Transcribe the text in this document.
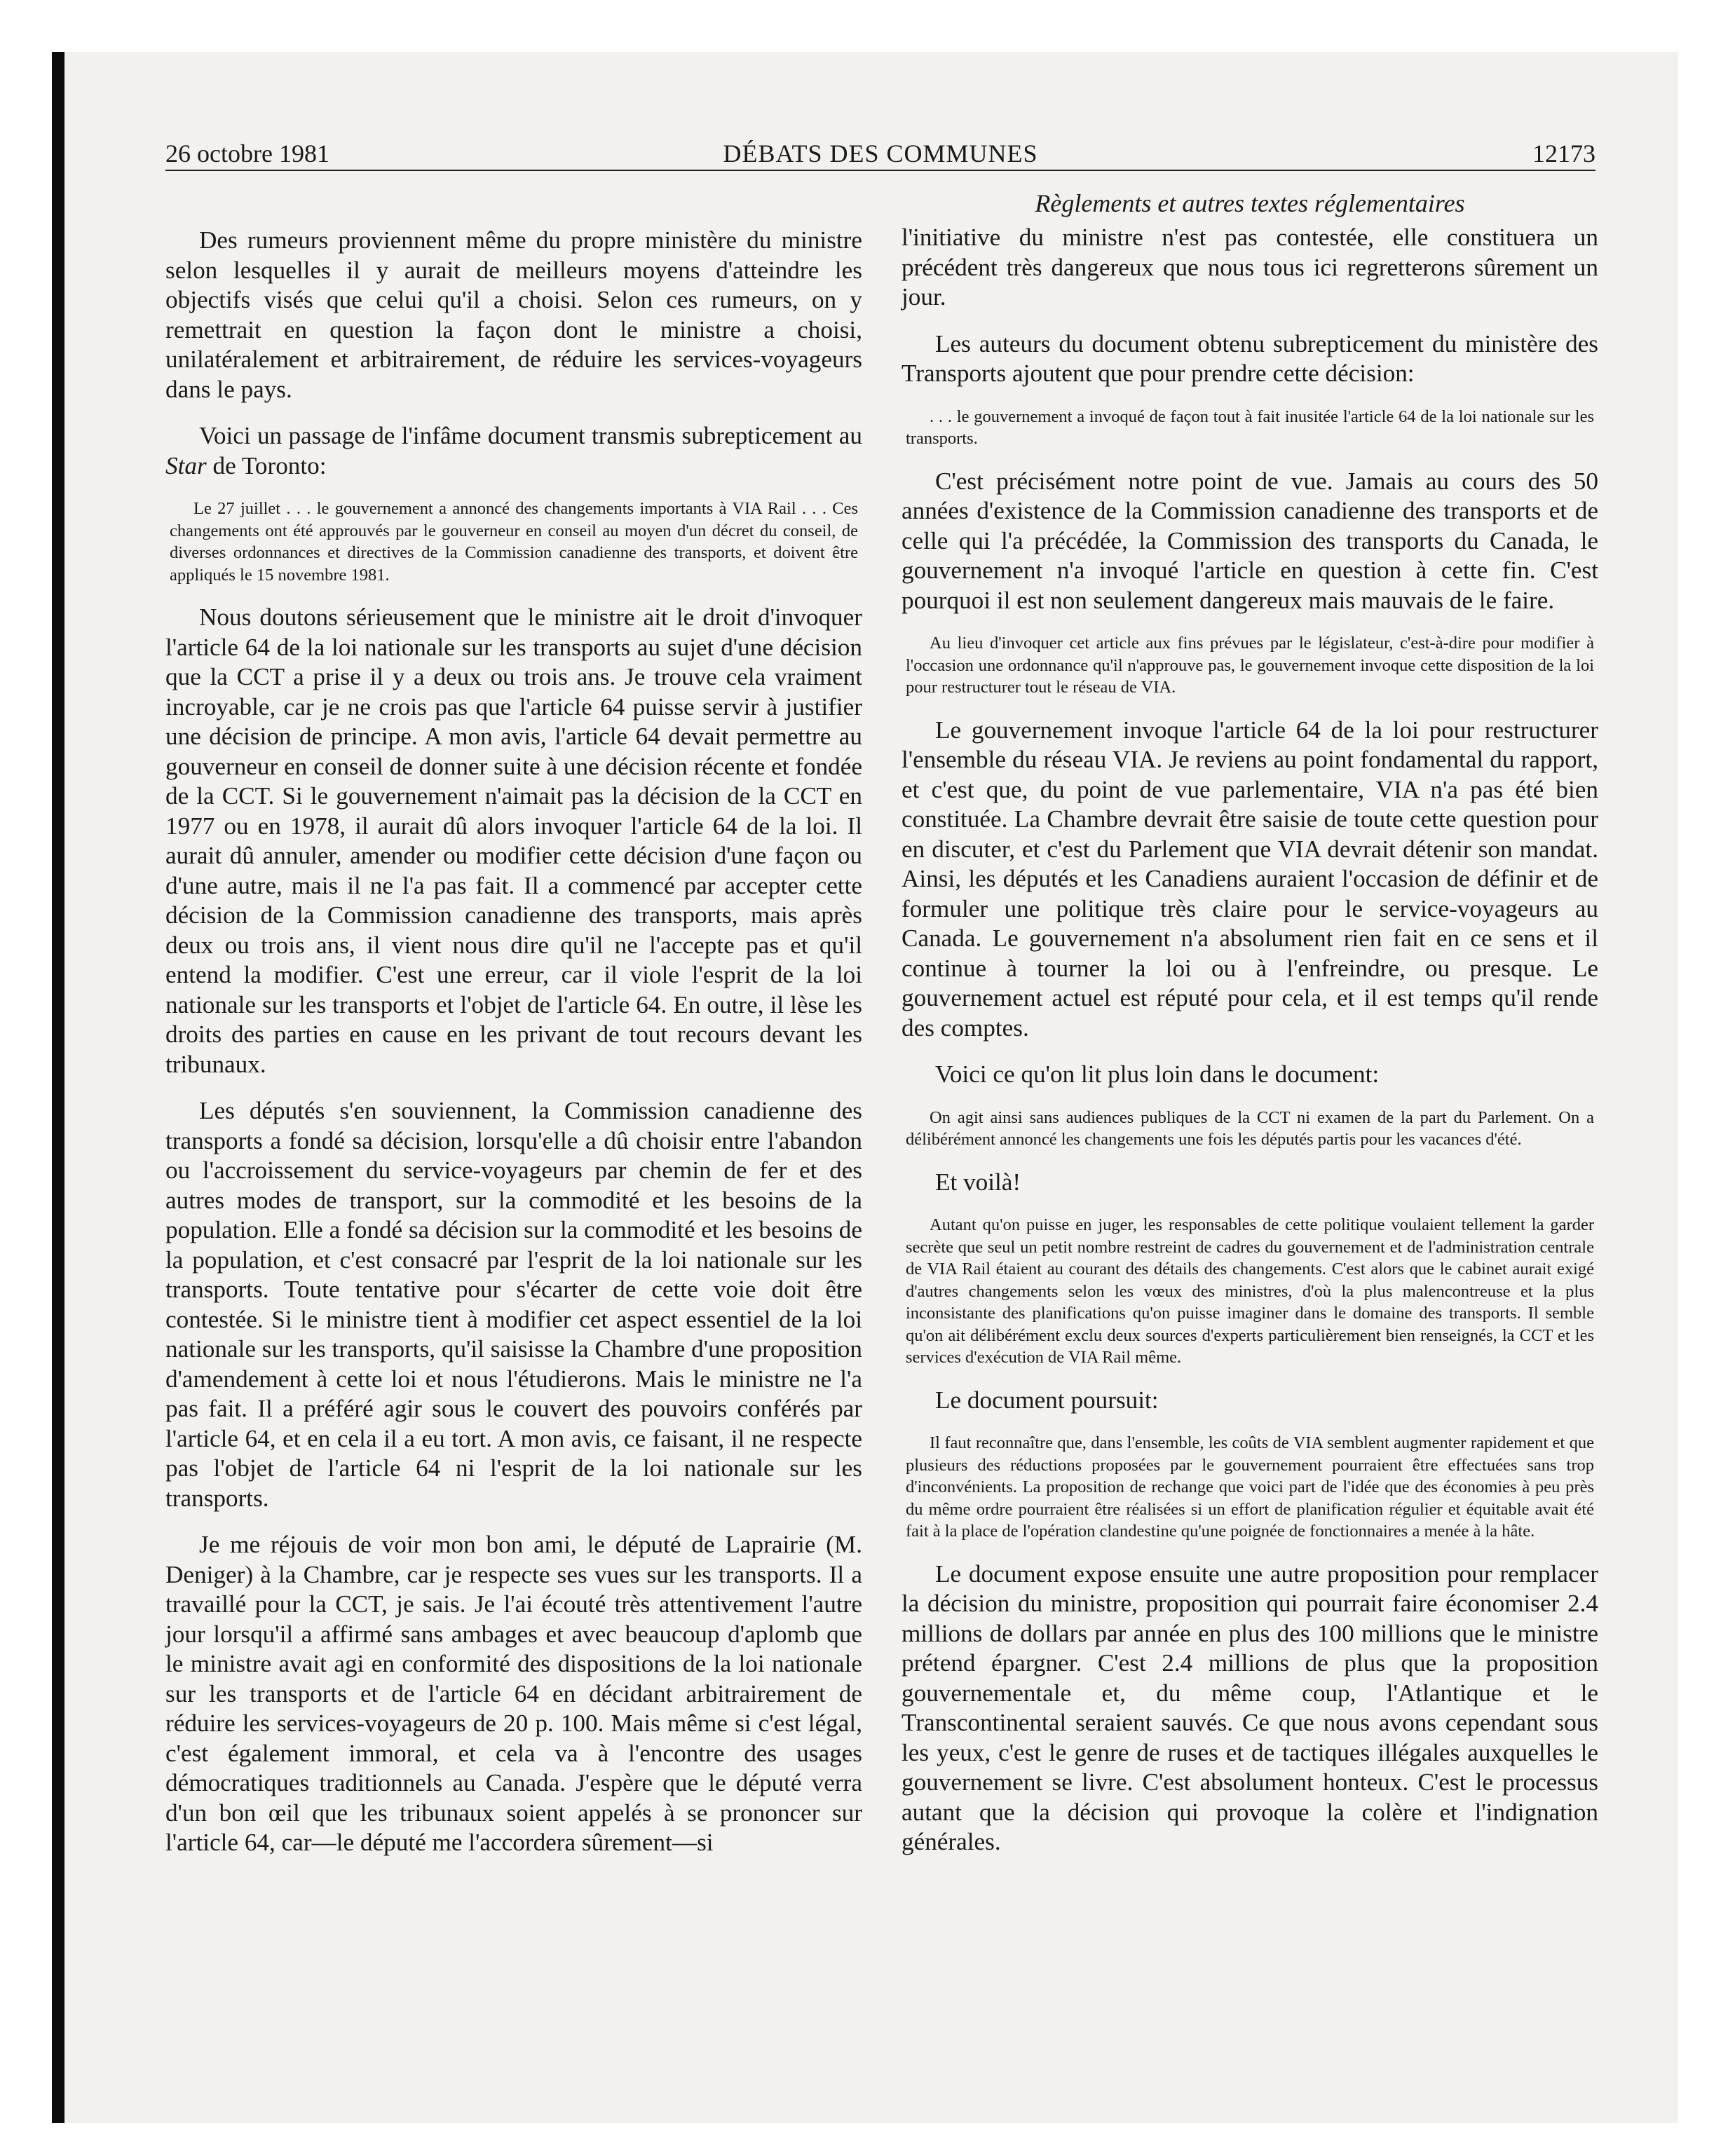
26 octobre 1981	DÉBATS DES COMMUNES	12173

Des rumeurs proviennent même du propre ministère du ministre selon lesquelles il y aurait de meilleurs moyens d'atteindre les objectifs visés que celui qu'il a choisi. Selon ces rumeurs, on y remettrait en question la façon dont le ministre a choisi, unilatéralement et arbitrairement, de réduire les services-voyageurs dans le pays.

Voici un passage de l'infâme document transmis subrepticement au Star de Toronto:

Le 27 juillet . . . le gouvernement a annoncé des changements importants à VIA Rail . . . Ces changements ont été approuvés par le gouverneur en conseil au moyen d'un décret du conseil, de diverses ordonnances et directives de la Commission canadienne des transports, et doivent être appliqués le 15 novembre 1981.

Nous doutons sérieusement que le ministre ait le droit d'invoquer l'article 64 de la loi nationale sur les transports au sujet d'une décision que la CCT a prise il y a deux ou trois ans. Je trouve cela vraiment incroyable, car je ne crois pas que l'article 64 puisse servir à justifier une décision de principe. A mon avis, l'article 64 devait permettre au gouverneur en conseil de donner suite à une décision récente et fondée de la CCT. Si le gouvernement n'aimait pas la décision de la CCT en 1977 ou en 1978, il aurait dû alors invoquer l'article 64 de la loi. Il aurait dû annuler, amender ou modifier cette décision d'une façon ou d'une autre, mais il ne l'a pas fait. Il a commencé par accepter cette décision de la Commission canadienne des transports, mais après deux ou trois ans, il vient nous dire qu'il ne l'accepte pas et qu'il entend la modifier. C'est une erreur, car il viole l'esprit de la loi nationale sur les transports et l'objet de l'article 64. En outre, il lèse les droits des parties en cause en les privant de tout recours devant les tribunaux.

Les députés s'en souviennent, la Commission canadienne des transports a fondé sa décision, lorsqu'elle a dû choisir entre l'abandon ou l'accroissement du service-voyageurs par chemin de fer et des autres modes de transport, sur la commodité et les besoins de la population. Elle a fondé sa décision sur la commodité et les besoins de la population, et c'est consacré par l'esprit de la loi nationale sur les transports. Toute tentative pour s'écarter de cette voie doit être contestée. Si le ministre tient à modifier cet aspect essentiel de la loi nationale sur les transports, qu'il saisisse la Chambre d'une proposition d'amendement à cette loi et nous l'étudierons. Mais le ministre ne l'a pas fait. Il a préféré agir sous le couvert des pouvoirs conférés par l'article 64, et en cela il a eu tort. A mon avis, ce faisant, il ne respecte pas l'objet de l'article 64 ni l'esprit de la loi nationale sur les transports.

Je me réjouis de voir mon bon ami, le député de Laprairie (M. Deniger) à la Chambre, car je respecte ses vues sur les transports. Il a travaillé pour la CCT, je sais. Je l'ai écouté très attentivement l'autre jour lorsqu'il a affirmé sans ambages et avec beaucoup d'aplomb que le ministre avait agi en conformité des dispositions de la loi nationale sur les transports et de l'article 64 en décidant arbitrairement de réduire les services-voyageurs de 20 p. 100. Mais même si c'est légal, c'est également immoral, et cela va à l'encontre des usages démocratiques traditionnels au Canada. J'espère que le député verra d'un bon œil que les tribunaux soient appelés à se prononcer sur l'article 64, car—le député me l'accordera sûrement—si

Règlements et autres textes réglementaires

l'initiative du ministre n'est pas contestée, elle constituera un précédent très dangereux que nous tous ici regretterons sûrement un jour.

Les auteurs du document obtenu subrepticement du ministère des Transports ajoutent que pour prendre cette décision:

. . . le gouvernement a invoqué de façon tout à fait inusitée l'article 64 de la loi nationale sur les transports.

C'est précisément notre point de vue. Jamais au cours des 50 années d'existence de la Commission canadienne des transports et de celle qui l'a précédée, la Commission des transports du Canada, le gouvernement n'a invoqué l'article en question à cette fin. C'est pourquoi il est non seulement dangereux mais mauvais de le faire.

Au lieu d'invoquer cet article aux fins prévues par le législateur, c'est-à-dire pour modifier à l'occasion une ordonnance qu'il n'approuve pas, le gouvernement invoque cette disposition de la loi pour restructurer tout le réseau de VIA.

Le gouvernement invoque l'article 64 de la loi pour restructurer l'ensemble du réseau VIA. Je reviens au point fondamental du rapport, et c'est que, du point de vue parlementaire, VIA n'a pas été bien constituée. La Chambre devrait être saisie de toute cette question pour en discuter, et c'est du Parlement que VIA devrait détenir son mandat. Ainsi, les députés et les Canadiens auraient l'occasion de définir et de formuler une politique très claire pour le service-voyageurs au Canada. Le gouvernement n'a absolument rien fait en ce sens et il continue à tourner la loi ou à l'enfreindre, ou presque. Le gouvernement actuel est réputé pour cela, et il est temps qu'il rende des comptes.

Voici ce qu'on lit plus loin dans le document:

On agit ainsi sans audiences publiques de la CCT ni examen de la part du Parlement. On a délibérément annoncé les changements une fois les députés partis pour les vacances d'été.

Et voilà!

Autant qu'on puisse en juger, les responsables de cette politique voulaient tellement la garder secrète que seul un petit nombre restreint de cadres du gouvernement et de l'administration centrale de VIA Rail étaient au courant des détails des changements. C'est alors que le cabinet aurait exigé d'autres changements selon les vœux des ministres, d'où la plus malencontreuse et la plus inconsistante des planifications qu'on puisse imaginer dans le domaine des transports. Il semble qu'on ait délibérément exclu deux sources d'experts particulièrement bien renseignés, la CCT et les services d'exécution de VIA Rail même.

Le document poursuit:

Il faut reconnaître que, dans l'ensemble, les coûts de VIA semblent augmenter rapidement et que plusieurs des réductions proposées par le gouvernement pourraient être effectuées sans trop d'inconvénients. La proposition de rechange que voici part de l'idée que des économies à peu près du même ordre pourraient être réalisées si un effort de planification régulier et équitable avait été fait à la place de l'opération clandestine qu'une poignée de fonctionnaires a menée à la hâte.

Le document expose ensuite une autre proposition pour remplacer la décision du ministre, proposition qui pourrait faire économiser 2.4 millions de dollars par année en plus des 100 millions que le ministre prétend épargner. C'est 2.4 millions de plus que la proposition gouvernementale et, du même coup, l'Atlantique et le Transcontinental seraient sauvés. Ce que nous avons cependant sous les yeux, c'est le genre de ruses et de tactiques illégales auxquelles le gouvernement se livre. C'est absolument honteux. C'est le processus autant que la décision qui provoque la colère et l'indignation générales.
